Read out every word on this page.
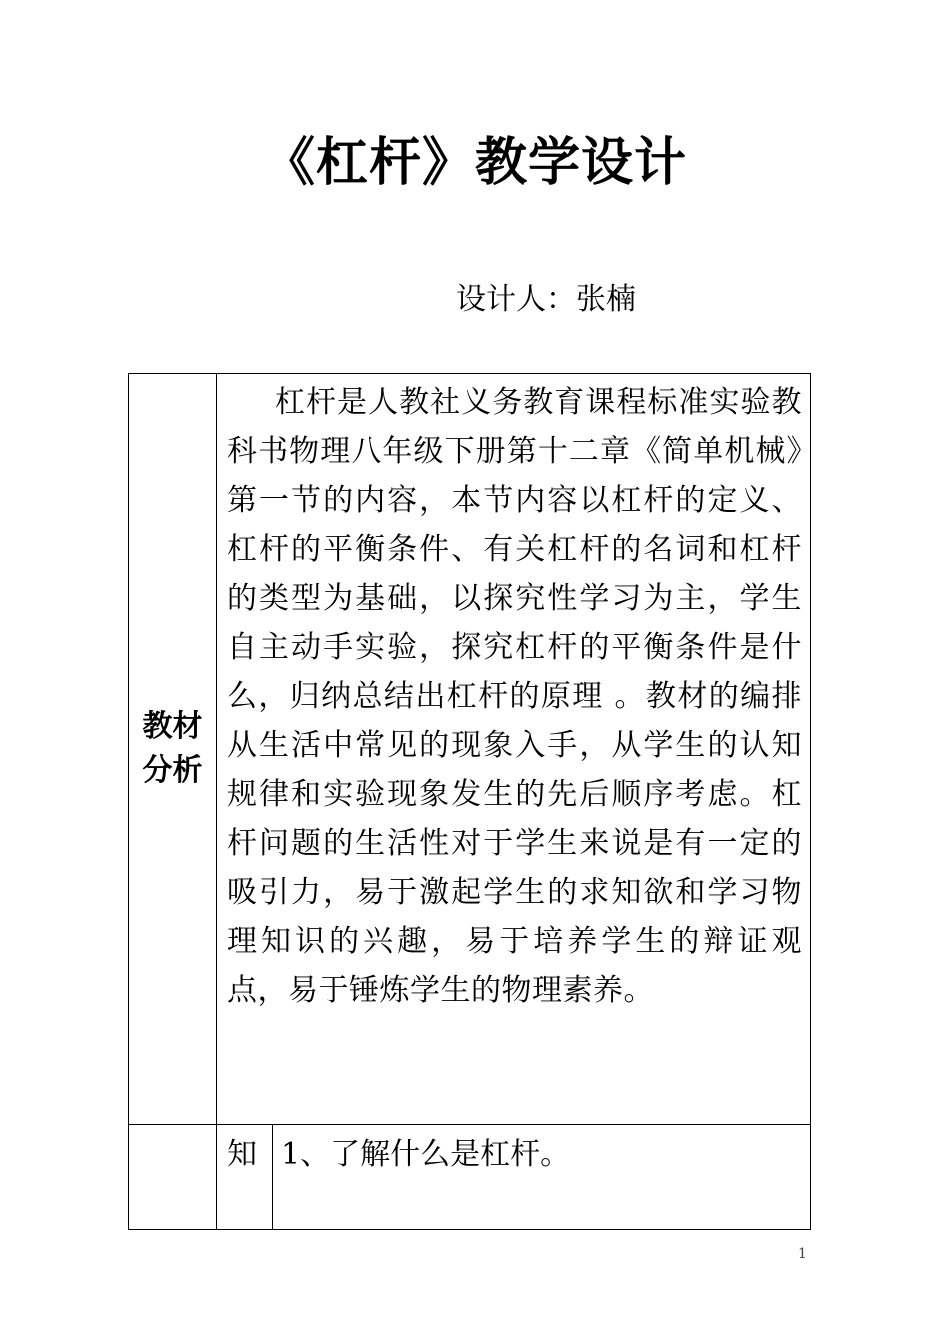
《杠杆》教学设计
设计人：张楠
教材
分析	杠杆是人教社义务教育课程标准实验教科书物理八年级下册第十二章《简单机械》第一节的内容，本节内容以杠杆的定义、杠杆的平衡条件、有关杠杆的名词和杠杆的类型为基础，以探究性学习为主，学生自主动手实验，探究杠杆的平衡条件是什么，归纳总结出杠杆的原理 。教材的编排从生活中常见的现象入手，从学生的认知规律和实验现象发生的先后顺序考虑。杠杆问题的生活性对于学生来说是有一定的吸引力，易于激起学生的求知欲和学习物理知识的兴趣，易于培养学生的辩证观点，易于锤炼学生的物理素养。	
	知	1、了解什么是杠杆。
1
